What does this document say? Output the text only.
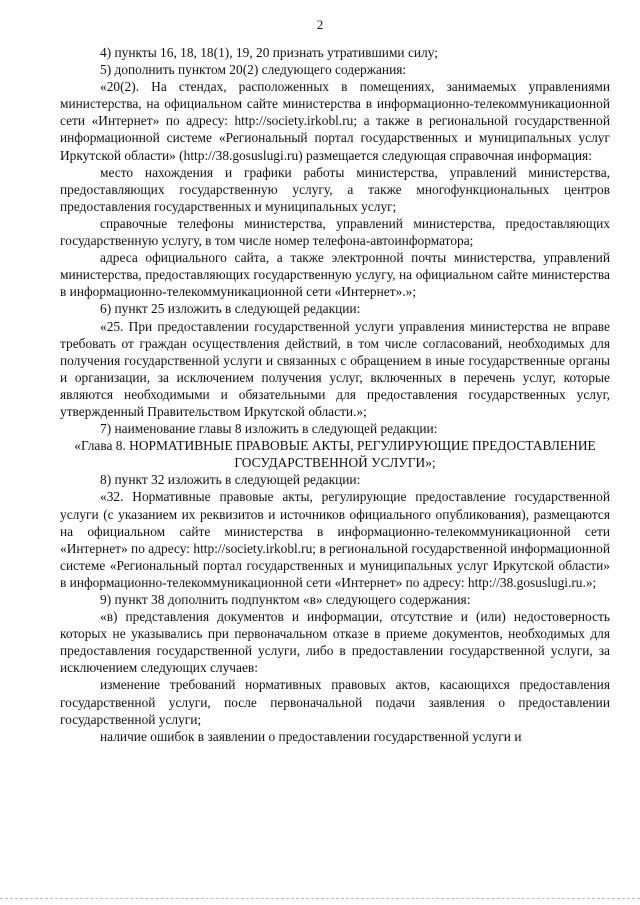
2

4) пункты 16, 18, 18(1), 19, 20 признать утратившими силу;

5) дополнить пунктом 20(2) следующего содержания:

«20(2). На стендах, расположенных в помещениях, занимаемых управлениями министерства, на официальном сайте министерства в информационно-телекоммуникационной сети «Интернет» по адресу: http://society.irkobl.ru; а также в региональной государственной информационной системе «Региональный портал государственных и муниципальных услуг Иркутской области» (http://38.gosuslugi.ru) размещается следующая справочная информация:

место нахождения и графики работы министерства, управлений министерства, предоставляющих государственную услугу, а также многофункциональных центров предоставления государственных и муниципальных услуг;

справочные телефоны министерства, управлений министерства, предоставляющих государственную услугу, в том числе номер телефона-автоинформатора;

адреса официального сайта, а также электронной почты министерства, управлений министерства, предоставляющих государственную услугу, на официальном сайте министерства в информационно-телекоммуникационной сети «Интернет».»;

6) пункт 25 изложить в следующей редакции:

«25. При предоставлении государственной услуги управления министерства не вправе требовать от граждан осуществления действий, в том числе согласований, необходимых для получения государственной услуги и связанных с обращением в иные государственные органы и организации, за исключением получения услуг, включенных в перечень услуг, которые являются необходимыми и обязательными для предоставления государственных услуг, утвержденный Правительством Иркутской области.»;

7) наименование главы 8 изложить в следующей редакции:

«Глава 8. НОРМАТИВНЫЕ ПРАВОВЫЕ АКТЫ, РЕГУЛИРУЮЩИЕ ПРЕДОСТАВЛЕНИЕ ГОСУДАРСТВЕННОЙ УСЛУГИ»;

8) пункт 32 изложить в следующей редакции:

«32. Нормативные правовые акты, регулирующие предоставление государственной услуги (с указанием их реквизитов и источников официального опубликования), размещаются на официальном сайте министерства в информационно-телекоммуникационной сети «Интернет» по адресу: http://society.irkobl.ru; в региональной государственной информационной системе «Региональный портал государственных и муниципальных услуг Иркутской области» в информационно-телекоммуникационной сети «Интернет» по адресу: http://38.gosuslugi.ru.»;

9) пункт 38 дополнить подпунктом «в» следующего содержания:

«в) представления документов и информации, отсутствие и (или) недостоверность которых не указывались при первоначальном отказе в приеме документов, необходимых для предоставления государственной услуги, либо в предоставлении государственной услуги, за исключением следующих случаев:

изменение требований нормативных правовых актов, касающихся предоставления государственной услуги, после первоначальной подачи заявления о предоставлении государственной услуги;

наличие ошибок в заявлении о предоставлении государственной услуги и
